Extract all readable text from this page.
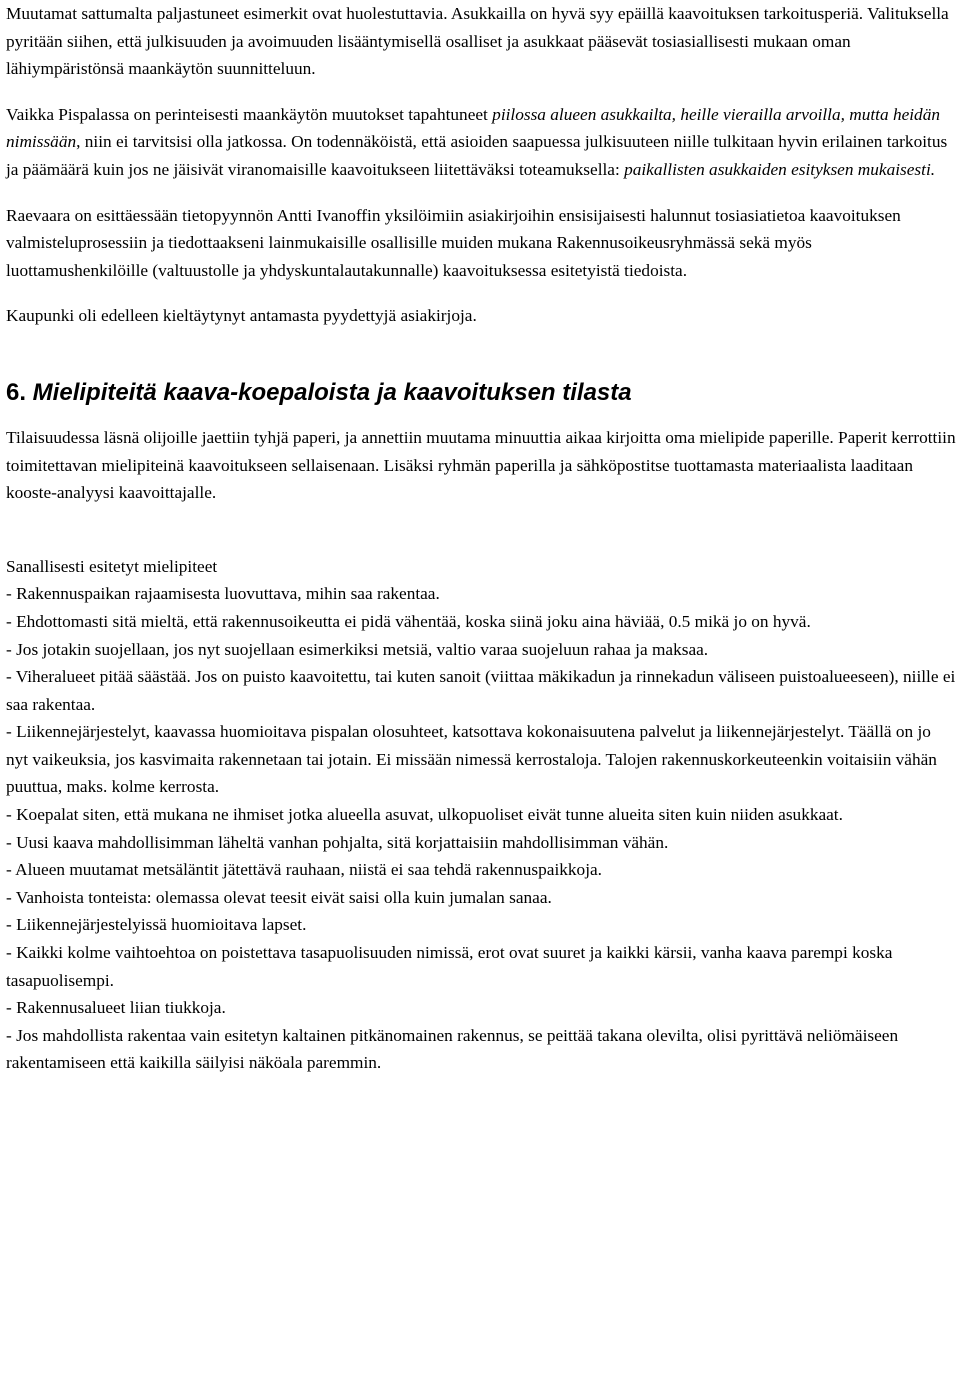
Muutamat sattumalta paljastuneet esimerkit ovat huolestuttavia. Asukkailla on hyvä syy epäillä kaavoituksen tarkoitusperiä. Valituksella pyritään siihen, että julkisuuden ja avoimuuden lisääntymisellä osalliset ja asukkaat pääsevät tosiasiallisesti mukaan oman lähiympäristönsä maankäytön suunnitteluun.

Vaikka Pispalassa on perinteisesti maankäytön muutokset tapahtuneet piilossa alueen asukkailta, heille vierailla arvoilla, mutta heidän nimissään, niin ei tarvitsisi olla jatkossa. On todennäköistä, että asioiden saapuessa julkisuuteen niille tulkitaan hyvin erilainen tarkoitus ja päämäärä kuin jos ne jäisivät viranomaisille kaavoitukseen liitettäväksi toteamuksella: paikallisten asukkaiden esityksen mukaisesti.

Raevaara on esittäessään tietopyynnön Antti Ivanoffin yksilöimiin asiakirjoihin ensisijaisesti halunnut tosiasiatietoa kaavoituksen valmisteluprosessiin ja tiedottaakseni lainmukaisille osallisille muiden mukana Rakennusoikeusryhmässä sekä myös luottamushenkilöille (valtuustolle ja yhdyskuntalautakunnalle) kaavoituksessa esitetyistä tiedoista.

Kaupunki oli edelleen kieltäytynyt antamasta pyydettyjä asiakirjoja.

6. Mielipiteitä kaava-koepaloista ja kaavoituksen tilasta

Tilaisuudessa läsnä olijoille jaettiin tyhjä paperi, ja annettiin muutama minuuttia aikaa kirjoitta oma mielipide paperille. Paperit kerrottiin toimitettavan mielipiteinä kaavoitukseen sellaisenaan. Lisäksi ryhmän paperilla ja sähköpostitse tuottamasta materiaalista laaditaan kooste-analyysi kaavoittajalle.

Sanallisesti esitetyt mielipiteet

- Rakennuspaikan rajaamisesta luovuttava, mihin saa rakentaa.

- Ehdottomasti sitä mieltä, että rakennusoikeutta ei pidä vähentää, koska siinä joku aina häviää, 0.5 mikä jo on hyvä.

- Jos jotakin suojellaan, jos nyt suojellaan esimerkiksi metsiä, valtio varaa suojeluun rahaa ja maksaa.

- Viheralueet pitää säästää. Jos on puisto kaavoitettu, tai kuten sanoit (viittaa mäkikadun ja rinnekadun väliseen puistoalueeseen), niille ei saa rakentaa.

- Liikennejärjestelyt, kaavassa huomioitava pispalan olosuhteet, katsottava kokonaisuutena palvelut ja liikennejärjestelyt. Täällä on jo nyt vaikeuksia, jos kasvimaita rakennetaan tai jotain. Ei missään nimessä kerrostaloja. Talojen rakennuskorkeuteenkin voitaisiin vähän puuttua, maks. kolme kerrosta.

- Koepalat siten, että mukana ne ihmiset jotka alueella asuvat, ulkopuoliset eivät tunne alueita siten kuin niiden asukkaat.

- Uusi kaava mahdollisimman läheltä vanhan pohjalta, sitä korjattaisiin mahdollisimman vähän.

- Alueen muutamat metsäläntit jätettävä rauhaan, niistä ei saa tehdä rakennuspaikkoja.

- Vanhoista tonteista: olemassa olevat teesit eivät saisi olla kuin jumalan sanaa.

- Liikennejärjestelyissä huomioitava lapset.

- Kaikki kolme vaihtoehtoa on poistettava tasapuolisuuden nimissä, erot ovat suuret ja kaikki kärsii, vanha kaava parempi koska tasapuolisempi.

- Rakennusalueet liian tiukkoja.

- Jos mahdollista rakentaa vain esitetyn kaltainen pitkänomainen rakennus, se peittää takana olevilta, olisi pyrittävä neliömäiseen rakentamiseen että kaikilla säilyisi näköala paremmin.
